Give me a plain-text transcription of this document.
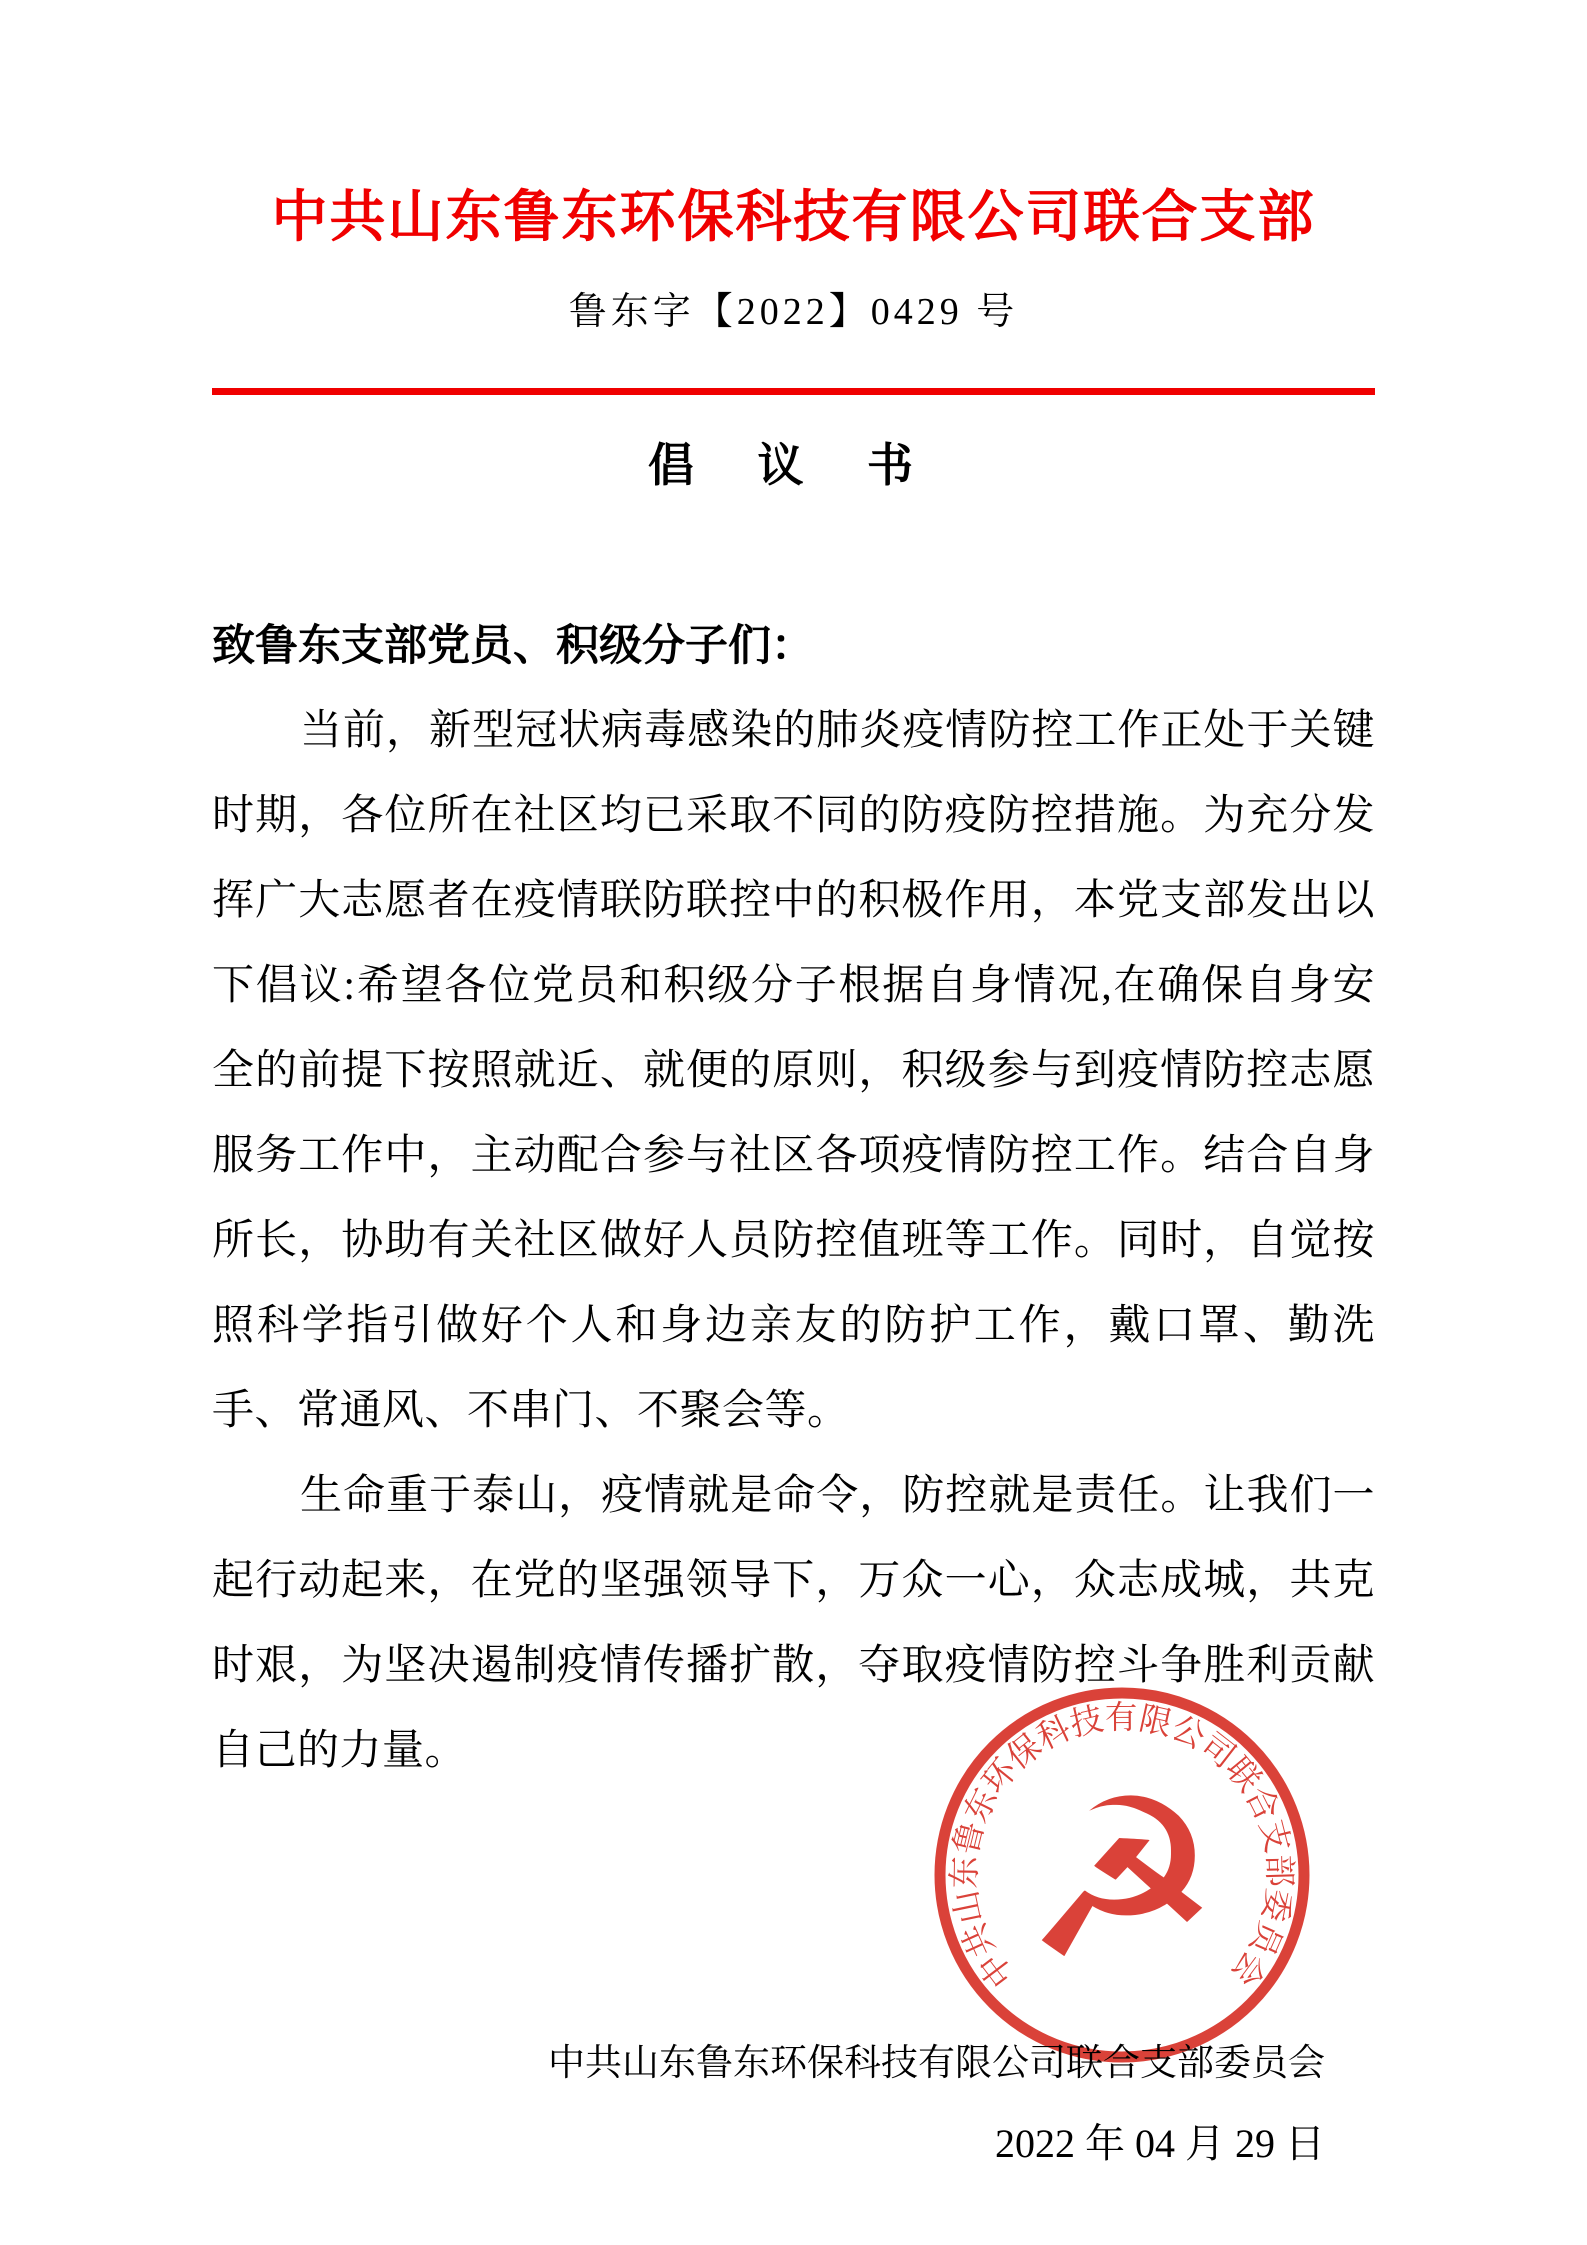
中共山东鲁东环保科技有限公司联合支部
鲁东字【2022】0429 号
倡 议 书
致鲁东支部党员、积级分子们：

当前，新型冠状病毒感染的肺炎疫情防控工作正处于关键时期，各位所在社区均已采取不同的防疫防控措施。为充分发挥广大志愿者在疫情联防联控中的积极作用，本党支部发出以下倡议:希望各位党员和积级分子根据自身情况,在确保自身安全的前提下按照就近、就便的原则，积级参与到疫情防控志愿服务工作中，主动配合参与社区各项疫情防控工作。结合自身所长，协助有关社区做好人员防控值班等工作。同时，自觉按照科学指引做好个人和身边亲友的防护工作，戴口罩、勤洗手、常通风、不串门、不聚会等。

生命重于泰山，疫情就是命令，防控就是责任。让我们一起行动起来，在党的坚强领导下，万众一心，众志成城，共克时艰，为坚决遏制疫情传播扩散，夺取疫情防控斗争胜利贡献自己的力量。

中共山东鲁东环保科技有限公司联合支部委员会
☭
中共山东鲁东环保科技有限公司联合支部委员会
2022 年 04 月 29 日
